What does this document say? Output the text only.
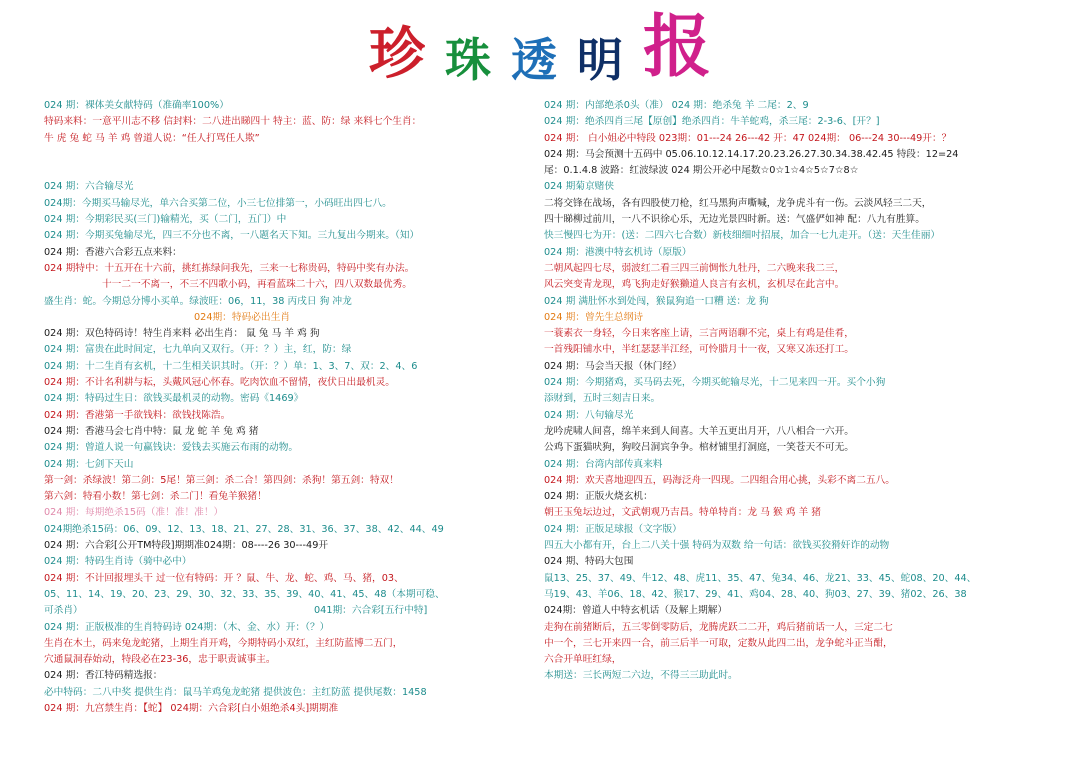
珍 珠 透 明 报
024 期：裸体美女献特码（准确率100%）
特码来料：一意平川志不移 信封料：二八进出睇四十 特主：蓝、防：绿 来料七个生肖：
牛 虎 兔 蛇 马 羊 鸡 曾道人说：“任人打骂任人欺”
024 期：六合输尽光
024期：今期买马输尽光，单六合买第二位，小三七位排第一，小码旺出四七八。
024 期：今期彩民买(三门)输精光，买（二门，五门）中
024 期：今期买兔输尽光，四三不分也不离，一八题名天下知。三九复出今期来。（知）
024 期：香港六合彩五点来料：
024 期特中：十五开在十六前，挑红拣绿问我先，三来一七称贵码，特码中奖有办法。
十一二一不离一，不三不四歌小码，再看蓝珠二十六，四八双数最优秀。
盛生肖：蛇。今期总分博小买单。绿波旺：06，11，38 丙戌日 狗 冲龙
024期：特码必出生肖
024 期：双色特码诗！特生肖来料 必出生肖： 鼠 兔 马 羊 鸡 狗
024 期：富贵在此时间定，七九单向又双行。（开：？）主，红，防：绿
024 期：十二生肖有玄机，十二生相关识其时。（开：？）单：1、3、7、双：2、4、6
024 期：不计名利耕与耘，头戴风冠心怀春。吃肉饮血不留情，夜伏日出最机灵。
024 期：特码过生日：欲钱买最机灵的动物。密码《1469》
024 期：香港第一手欲钱料：欲钱找陈浩。
024 期：香港马会七肖中特：鼠 龙 蛇 羊 兔 鸡 猪
024 期：曾道人说一句赢钱诀：爱钱去买施云布雨的动物。
024 期：七剑下天山
第一剑：杀绿波！第二剑：5尾！第三剑：杀二合！第四剑：杀狗！第五剑：特双！
第六剑：特看小数！第七剑：杀二门！看兔羊猴猪！
024 期：每期绝杀15码（准！准！准！）
024期绝杀15码：06、09、12、13、18、21、27、28、31、36、37、38、42、44、49
024 期：六合彩[公开TM特段]期期准024期：08----26 30---49开
024 期：特码生肖诗（骑中必中）
024 期：不计回报埋头干 过一位有特码：开 ？鼠、牛、龙、蛇、鸡、马、猪，03、
05、11、14、19、20、23、29、30、32、33、35、39、40、41、45、48（本期可稳、
可杀肖）	041期：六合彩[五行中特]
024 期：正版极准的生肖特码诗 024期：（木、金、水）开：（？）
生肖在木土，码来兔龙蛇猪，上期生肖开鸡，今期特码小双红，主红防蓝博二五门，
穴通鼠洞春始动，特段必在23-36，忠于职责诚事主。
024 期：香江特码精选报：
必中特码：二八中奖 提供生肖：鼠马羊鸡兔龙蛇猪 提供波色：主红防蓝 提供尾数：1458
024 期：九宫禁生肖：【蛇】 024期：六合彩[白小姐绝杀4头]期期准
024 期：内部绝杀0头（准） 024 期：绝杀兔 羊 二尾：2、9
024 期：绝杀四肖三尾【原创】绝杀四肖：牛羊蛇鸡，杀三尾：2-3-6、[开？]
024 期： 白小姐必中特段 023期：01---24 26---42 开：47 024期： 06---24 30---49开：？
024 期：马会预测十五码中 05.06.10.12.14.17.20.23.26.27.30.34.38.42.45 特段：12=24
尾：0.1.4.8 波路：红波绿波 024 期公开必中尾数☆0☆1☆4☆5☆7☆8☆
024 期菊京赌侠
二将交锋在战场，各有四股使刀枪，红马黑狗声嘶喊，龙争虎斗有一伤。云淡风轻三二天，
四十睇柳过前川，一八不识徐心乐，无边光景四时新。送：气盛俨如神 配：八九有胜算。
快三慢四七为开：(送：二四六七合数）新枝细细吋招展，加合一七九走开。（送：天生佳丽）
024 期：港澳中特玄机诗（原版）
二朝风起四七尽，弱波红二看三四三前惆怅九牡丹，二六晚来我二三，
风云突变青龙现，鸡飞狗走好猴獭道人良言有玄机，玄机尽在此言中。
024 期 满肚怀水到处闯，猴鼠狗追一口糟 送：龙 狗
024 期：曾先生总纲诗
一蓑素衣一身轻，今日来客座上请，三言两语聊不完，桌上有鸡是佳肴，
一首残阳铺水中，半红瑟瑟半江经，可怜腊月十一夜，又寒又冻还打工。
024 期：马会当天报（休门经）
024 期：今期猪鸡，买马码去死，今期买蛇输尽光，十二见来四一开。买个小狗
添财到，五时三刻吉日来。
024 期：八句输尽光
龙吟虎啸人间喜，绵羊来到人间喜。大羊五更出月开，八八相合一六开。
公鸡下蛋猫吠狗，狗咬吕洞宾争争。棺材铺里打洞庭，一笑苍天不可无。
024 期：台湾内部传真来料
024 期：欢天喜地迎四五，码海泛舟一四现。二四组合用心挑，头彩不离二五八。
024 期：正版火烧玄机：
朝王玉兔坛边过，文武朝观乃吉昌。特单特肖：龙 马 猴 鸡 羊 猪
024 期：正版足球报（文字版）
四五大小都有开，台上二八关十强 特码为双数 给一句话：欲钱买狡猾奸诈的动物
024 期、特码大包围
鼠13、25、37、49、牛12、48、虎11、35、47、兔34、46、龙21、33、45、蛇08、20、44、
马19、43、羊06、18、42、猴17、29、41、鸡04、28、40、狗03、27、39、猪02、26、38
024期：曾道人中特玄机话（及解上期解）
走狗在前猪断后，五三零倒零防后，龙腾虎跃二二开，鸡后猪前话一人，三定二七
中一个，三七开来四一合，前三后半一可取，定数从此四二出，龙争蛇斗正当酣，
六合开单旺红绿，
本期送：三长两短二六边，不得三三助此时。
